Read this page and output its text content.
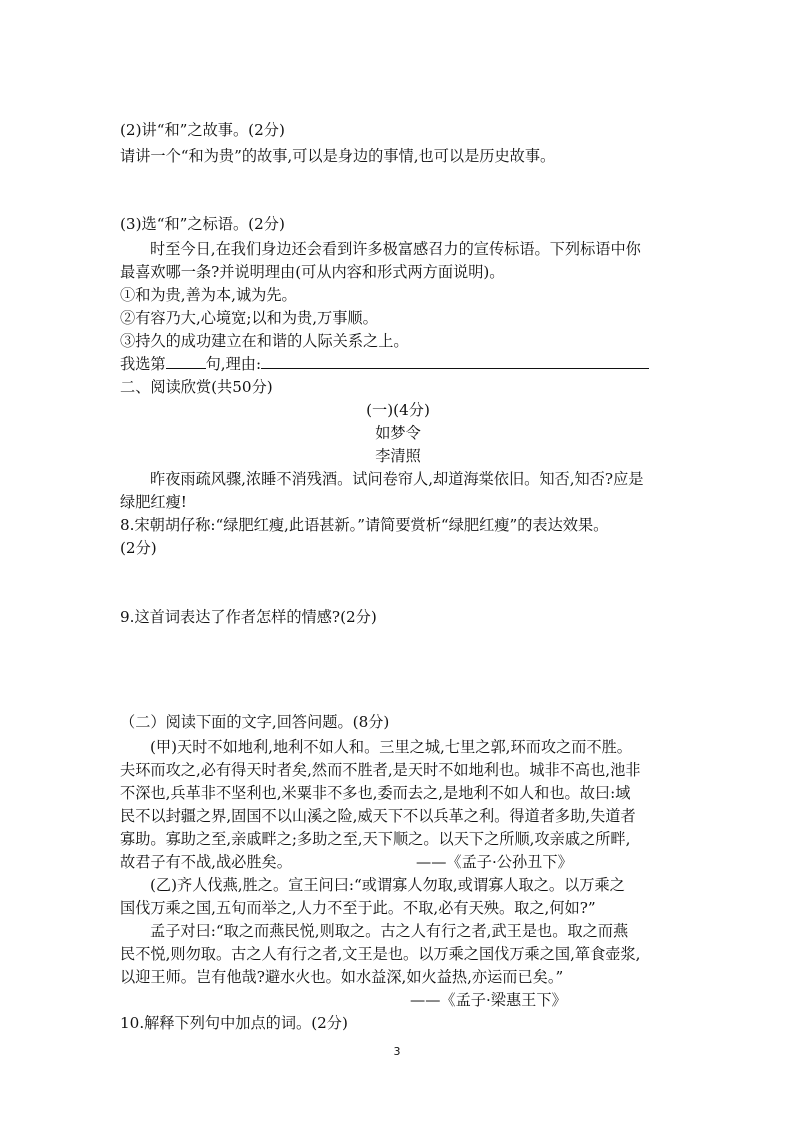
(2)讲“和”之故事。(2分)
请讲一个“和为贵”的故事,可以是身边的事情,也可以是历史故事。
(3)选“和”之标语。(2分)
时至今日,在我们身边还会看到许多极富感召力的宣传标语。下列标语中你
最喜欢哪一条?并说明理由(可从内容和形式两方面说明)。
①和为贵,善为本,诚为先。
②有容乃大,心境宽;以和为贵,万事顺。
③持久的成功建立在和谐的人际关系之上。
我选第	句,理由:
二、阅读欣赏(共50分)
(一)(4分)
如梦令
李清照
昨夜雨疏风骤,浓睡不消残酒。试问卷帘人,却道海棠依旧。知否,知否?应是
绿肥红瘦!
8.宋朝胡仔称:“绿肥红瘦,此语甚新。”请简要赏析“绿肥红瘦”的表达效果。
(2分)
9.这首词表达了作者怎样的情感?(2分)
（二）阅读下面的文字,回答问题。(8分)
(甲)天时不如地利,地利不如人和。三里之城,七里之郭,环而攻之而不胜。
夫环而攻之,必有得天时者矣,然而不胜者,是天时不如地利也。城非不高也,池非
不深也,兵革非不坚利也,米粟非不多也,委而去之,是地利不如人和也。故曰:域
民不以封疆之界,固国不以山溪之险,威天下不以兵革之利。得道者多助,失道者
寡助。寡助之至,亲戚畔之;多助之至,天下顺之。以天下之所顺,攻亲戚之所畔,
故君子有不战,战必胜矣。	——《孟子·公孙丑下》
(乙)齐人伐燕,胜之。宣王问曰:“或谓寡人勿取,或谓寡人取之。以万乘之
国伐万乘之国,五旬而举之,人力不至于此。不取,必有天殃。取之,何如?”
孟子对曰:“取之而燕民悦,则取之。古之人有行之者,武王是也。取之而燕
民不悦,则勿取。古之人有行之者,文王是也。以万乘之国伐万乘之国,箪食壶浆,
以迎王师。岂有他哉?避水火也。如水益深,如火益热,亦运而已矣。”
——《孟子·梁惠王下》
10.解释下列句中加点的词。(2分)
3
